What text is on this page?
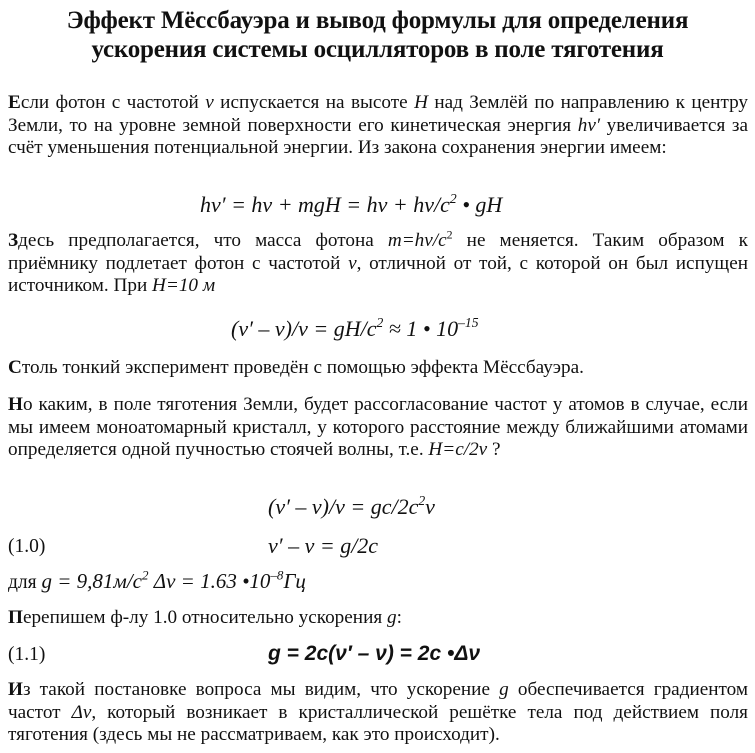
Эффект Мёссбауэра и вывод формулы для определения
ускорения системы осцилляторов в поле тяготения
Если фотон с частотой ν испускается на высоте H над Землёй по направлению к центру Земли, то на уровне земной поверхности его кинетическая энергия hν′ увеличивается за счёт уменьшения потенциальной энергии. Из закона сохранения энергии имеем:
hν′ = hν + mgH = $h\nu + h\nu/c^2$ • gH
Здесь предполагается, что масса фотона $m=h\nu/c^2$ не меняется. Таким образом к приёмнику подлетает фотон с частотой ν, отличной от той, с которой он был испущен источником. При H=10 м
$(\nu' - \nu)/\nu = gH/c^2 \approx 1$ • $10^{-15}$
Столь тонкий эксперимент проведён с помощью эффекта Мёссбауэра.
Но каким, в поле тяготения Земли, будет рассогласование частот у атомов в случае, если мы имеем моноатомарный кристалл, у которого расстояние между ближайшими атомами определяется одной пучностью стоячей волны, т.е. H=c/2ν ?
$(\nu' - \nu)/\nu = gc/2c^2\nu$
(1.0)	ν′ – ν = g/2c
для $g = 9,81м/c^2$ Δν = 1.63 $•10^{-8}Гц$
Перепишем ф-лу 1.0 относительно ускорения g:
(1.1)	g = 2c(ν′ – ν) = 2c •Δν
Из такой постановке вопроса мы видим, что ускорение g обеспечивается градиентом частот Δν, который возникает в кристаллической решётке тела под действием поля тяготения (здесь мы не рассматриваем, как это происходит).
